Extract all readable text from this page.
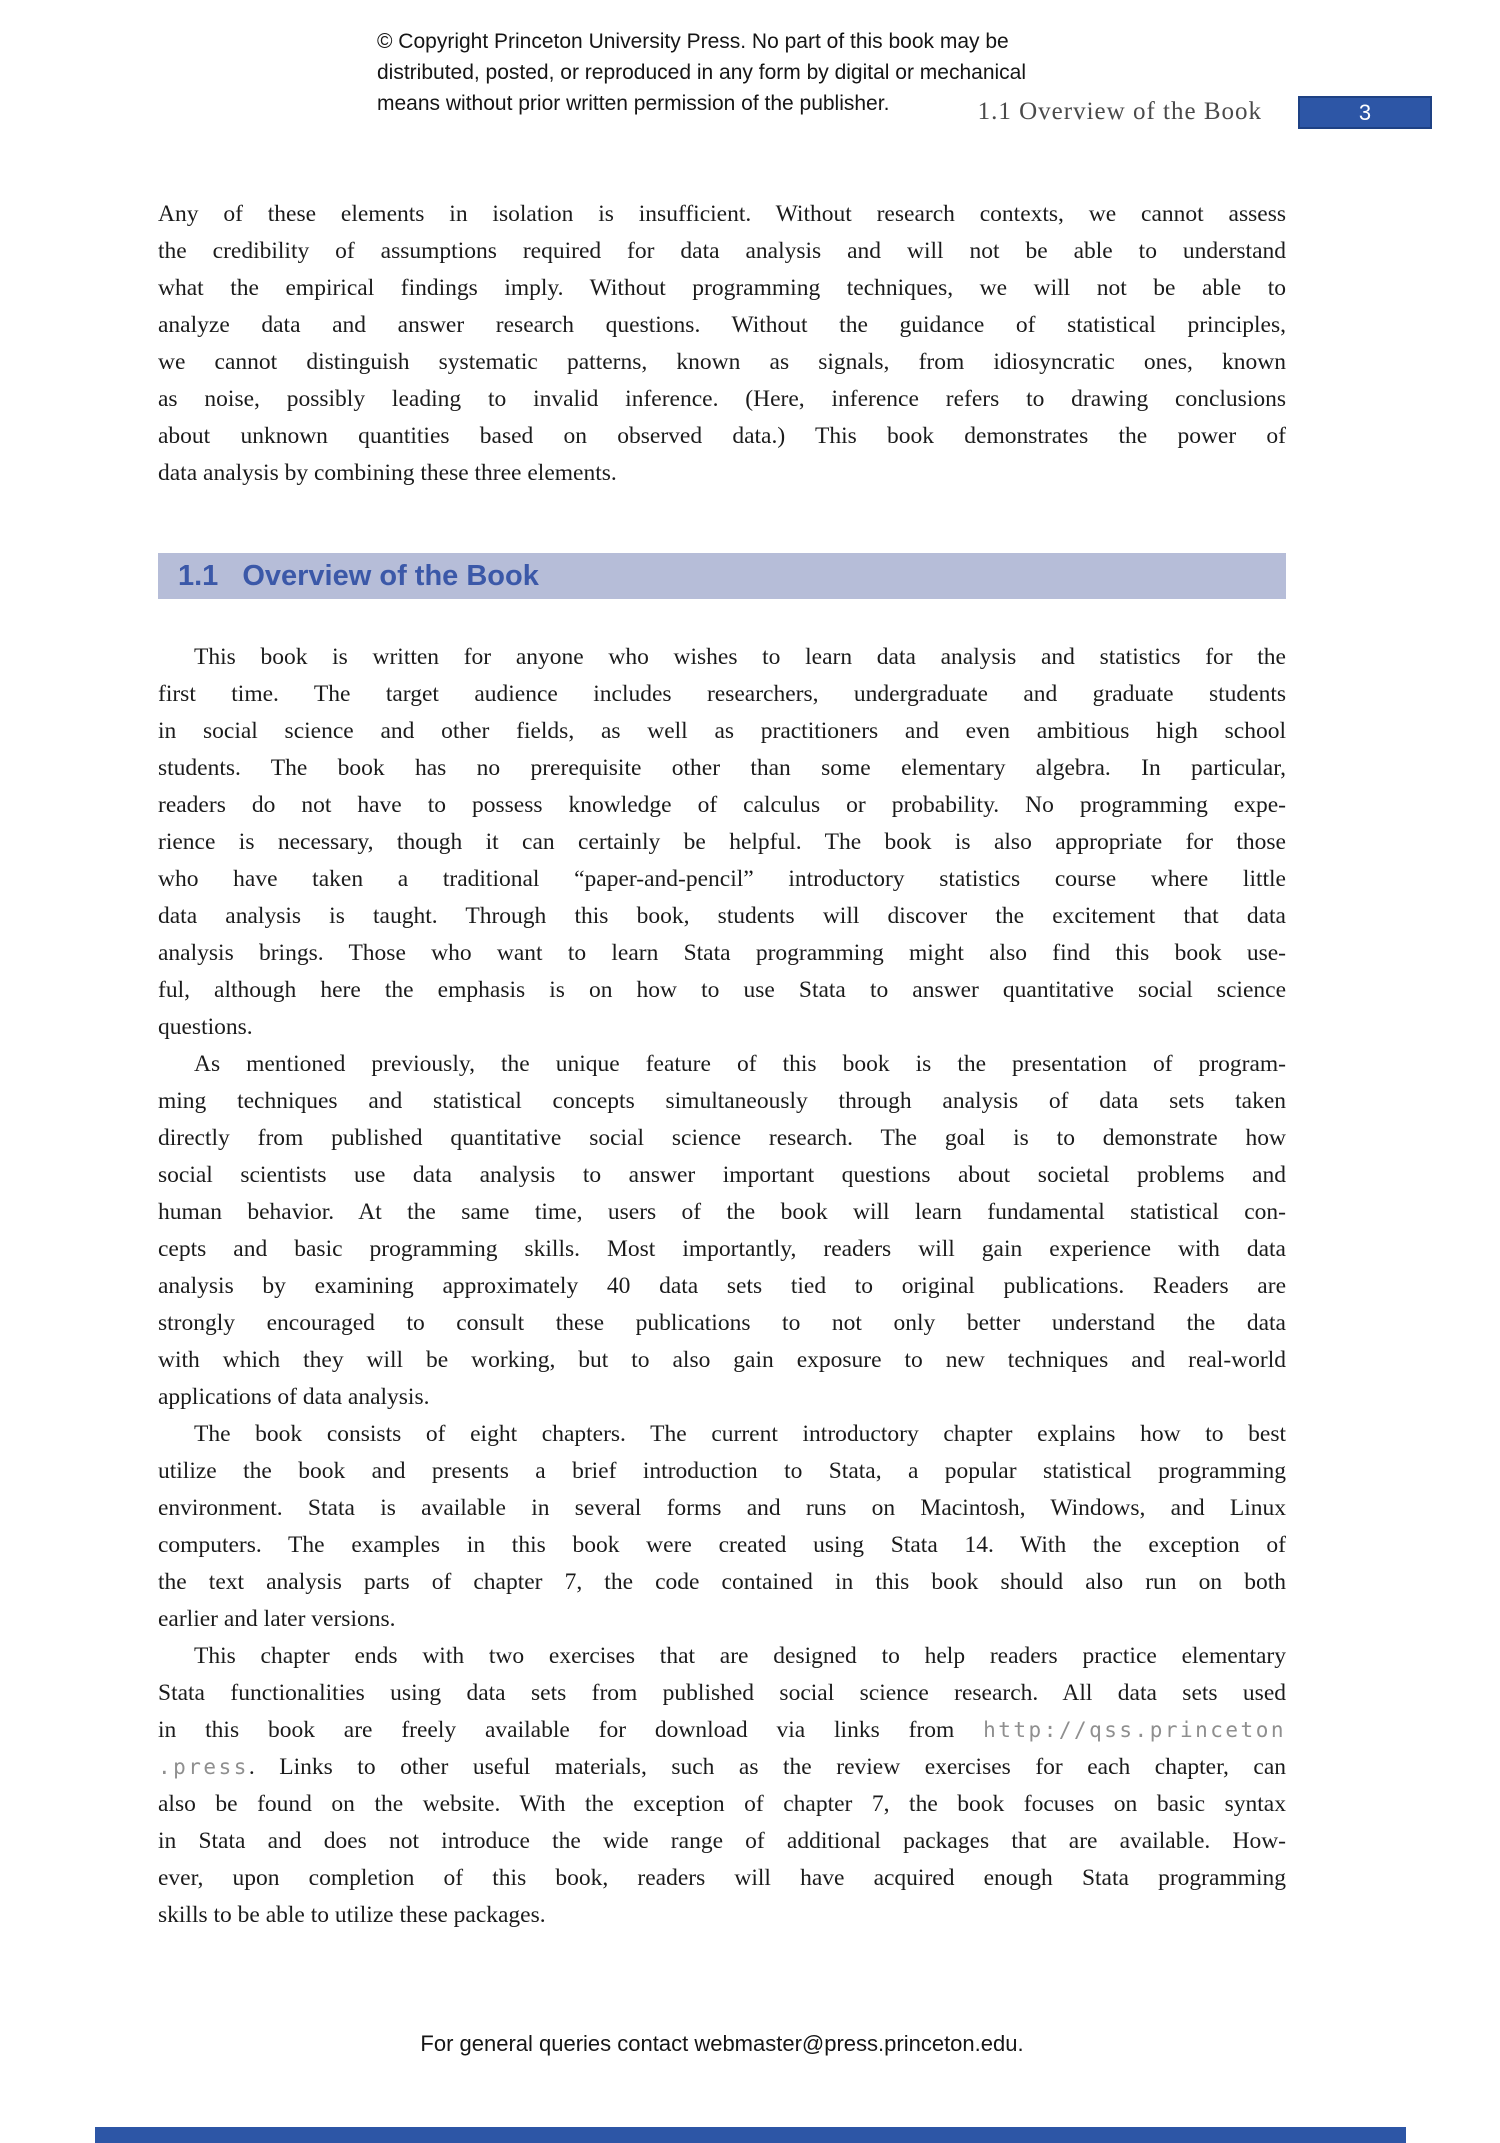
© Copyright Princeton University Press. No part of this book may be
distributed, posted, or reproduced in any form by digital or mechanical
means without prior written permission of the publisher.	1.1 Overview of the Book	3
Any of these elements in isolation is insufficient. Without research contexts, we cannot assess
the credibility of assumptions required for data analysis and will not be able to understand
what the empirical findings imply. Without programming techniques, we will not be able to
analyze data and answer research questions. Without the guidance of statistical principles,
we cannot distinguish systematic patterns, known as signals, from idiosyncratic ones, known
as noise, possibly leading to invalid inference. (Here, inference refers to drawing conclusions
about unknown quantities based on observed data.) This book demonstrates the power of
data analysis by combining these three elements.
1.1 Overview of the Book
This book is written for anyone who wishes to learn data analysis and statistics for the
first time. The target audience includes researchers, undergraduate and graduate students
in social science and other fields, as well as practitioners and even ambitious high school
students. The book has no prerequisite other than some elementary algebra. In particular,
readers do not have to possess knowledge of calculus or probability. No programming expe-
rience is necessary, though it can certainly be helpful. The book is also appropriate for those
who have taken a traditional “paper-and-pencil” introductory statistics course where little
data analysis is taught. Through this book, students will discover the excitement that data
analysis brings. Those who want to learn Stata programming might also find this book use-
ful, although here the emphasis is on how to use Stata to answer quantitative social science
questions.
As mentioned previously, the unique feature of this book is the presentation of program-
ming techniques and statistical concepts simultaneously through analysis of data sets taken
directly from published quantitative social science research. The goal is to demonstrate how
social scientists use data analysis to answer important questions about societal problems and
human behavior. At the same time, users of the book will learn fundamental statistical con-
cepts and basic programming skills. Most importantly, readers will gain experience with data
analysis by examining approximately 40 data sets tied to original publications. Readers are
strongly encouraged to consult these publications to not only better understand the data
with which they will be working, but to also gain exposure to new techniques and real-world
applications of data analysis.
The book consists of eight chapters. The current introductory chapter explains how to best
utilize the book and presents a brief introduction to Stata, a popular statistical programming
environment. Stata is available in several forms and runs on Macintosh, Windows, and Linux
computers. The examples in this book were created using Stata 14. With the exception of
the text analysis parts of chapter 7, the code contained in this book should also run on both
earlier and later versions.
This chapter ends with two exercises that are designed to help readers practice elementary
Stata functionalities using data sets from published social science research. All data sets used
in this book are freely available for download via links from http://qss.princeton
.press. Links to other useful materials, such as the review exercises for each chapter, can
also be found on the website. With the exception of chapter 7, the book focuses on basic syntax
in Stata and does not introduce the wide range of additional packages that are available. How-
ever, upon completion of this book, readers will have acquired enough Stata programming
skills to be able to utilize these packages.
For general queries contact webmaster@press.princeton.edu.
